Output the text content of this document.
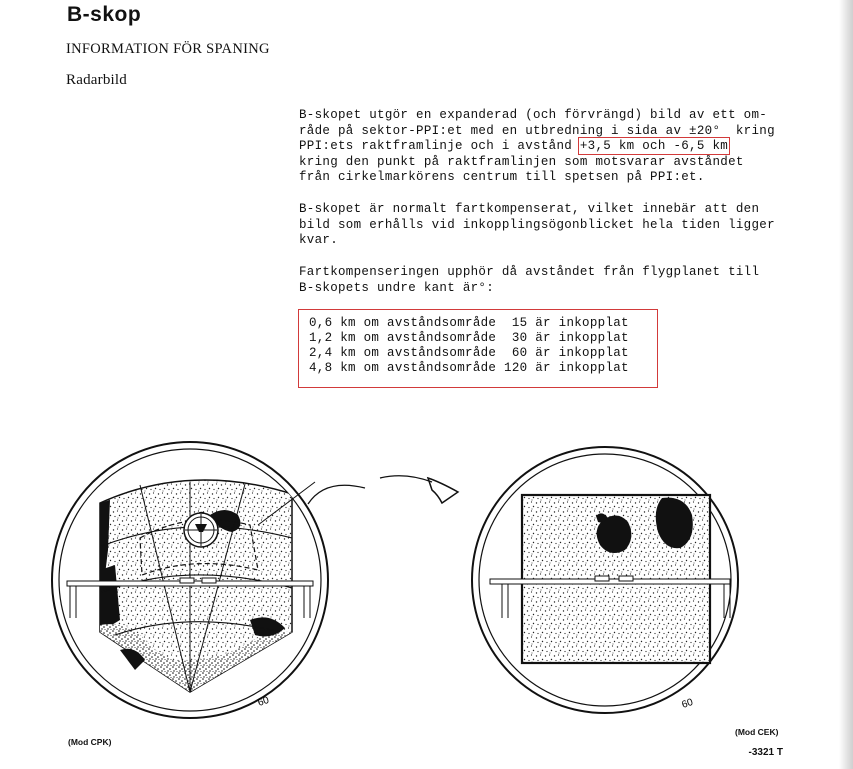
B-skop
INFORMATION FÖR SPANING
Radarbild
B-skopet utgör en expanderad (och förvrängd) bild av ett om-
råde på sektor-PPI:et med en utbredning i sida av ±20°  kring
PPI:ets raktframlinje och i avstånd +3,5 km och -6,5 km
kring den punkt på raktframlinjen som motsvarar avståndet
från cirkelmarkörens centrum till spetsen på PPI:et.
B-skopet är normalt fartkompenserat, vilket innebär att den
bild som erhålls vid inkopplingsögonblicket hela tiden ligger
kvar.
Fartkompenseringen upphör då avståndet från flygplanet till
B-skopets undre kant är°:
0,6 km om avståndsområde  15 är inkopplat
1,2 km om avståndsområde  30 är inkopplat
2,4 km om avståndsområde  60 är inkopplat
4,8 km om avståndsområde 120 är inkopplat
60	60
(Mod CPK)
(Mod CEK)
-3321 T
